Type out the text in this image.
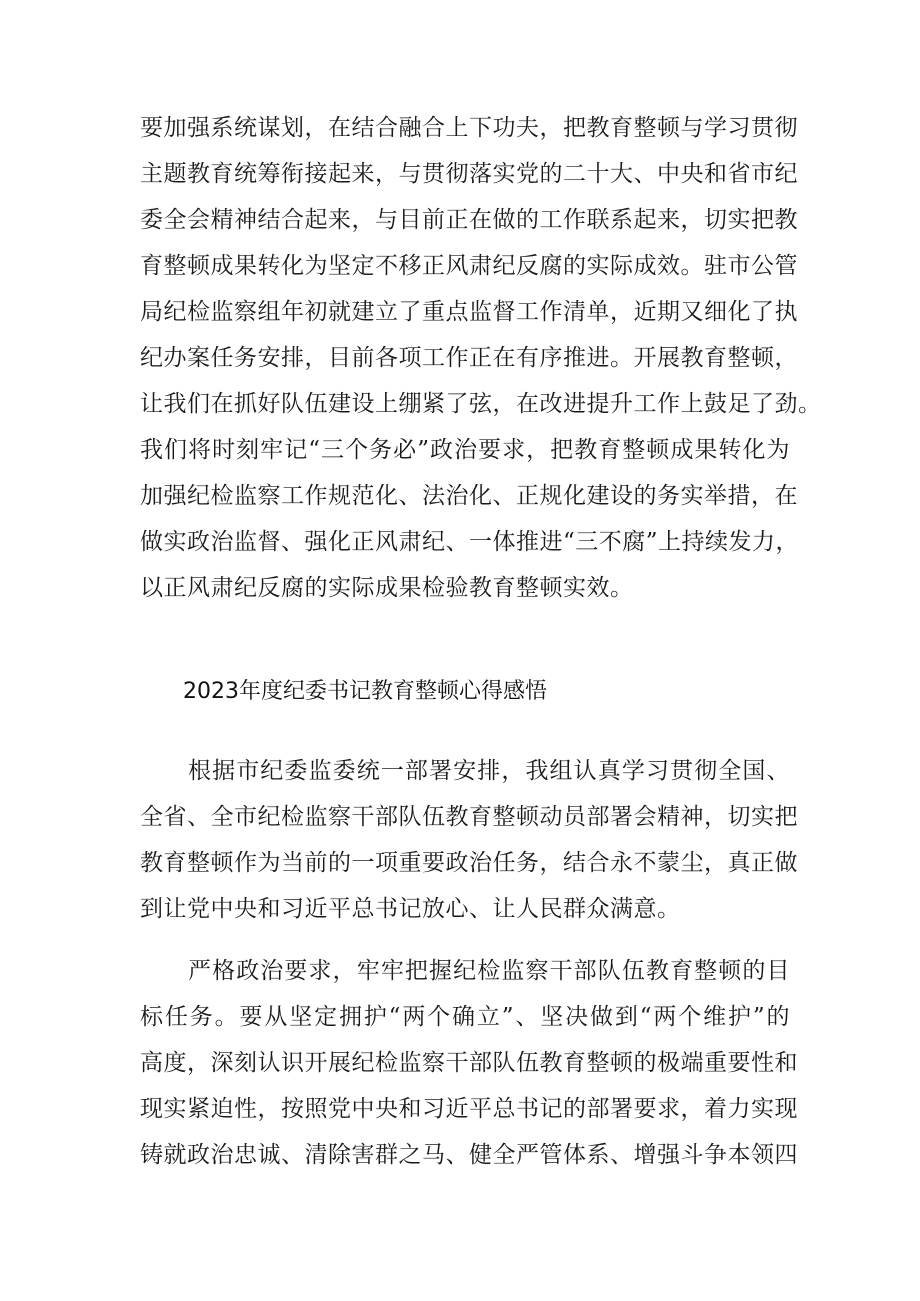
要加强系统谋划，在结合融合上下功夫，把教育整顿与学习贯彻
主题教育统筹衔接起来，与贯彻落实党的二十大、中央和省市纪
委全会精神结合起来，与目前正在做的工作联系起来，切实把教
育整顿成果转化为坚定不移正风肃纪反腐的实际成效。驻市公管
局纪检监察组年初就建立了重点监督工作清单，近期又细化了执
纪办案任务安排，目前各项工作正在有序推进。开展教育整顿，
让我们在抓好队伍建设上绷紧了弦，在改进提升工作上鼓足了劲。
我们将时刻牢记“三个务必”政治要求，把教育整顿成果转化为
加强纪检监察工作规范化、法治化、正规化建设的务实举措，在
做实政治监督、强化正风肃纪、一体推进“三不腐”上持续发力，
以正风肃纪反腐的实际成果检验教育整顿实效。
2023年度纪委书记教育整顿心得感悟
根据市纪委监委统一部署安排，我组认真学习贯彻全国、
全省、全市纪检监察干部队伍教育整顿动员部署会精神，切实把
教育整顿作为当前的一项重要政治任务，结合永不蒙尘，真正做
到让党中央和习近平总书记放心、让人民群众满意。
严格政治要求，牢牢把握纪检监察干部队伍教育整顿的目
标任务。要从坚定拥护“两个确立”、坚决做到“两个维护”的
高度，深刻认识开展纪检监察干部队伍教育整顿的极端重要性和
现实紧迫性，按照党中央和习近平总书记的部署要求，着力实现
铸就政治忠诚、清除害群之马、健全严管体系、增强斗争本领四
